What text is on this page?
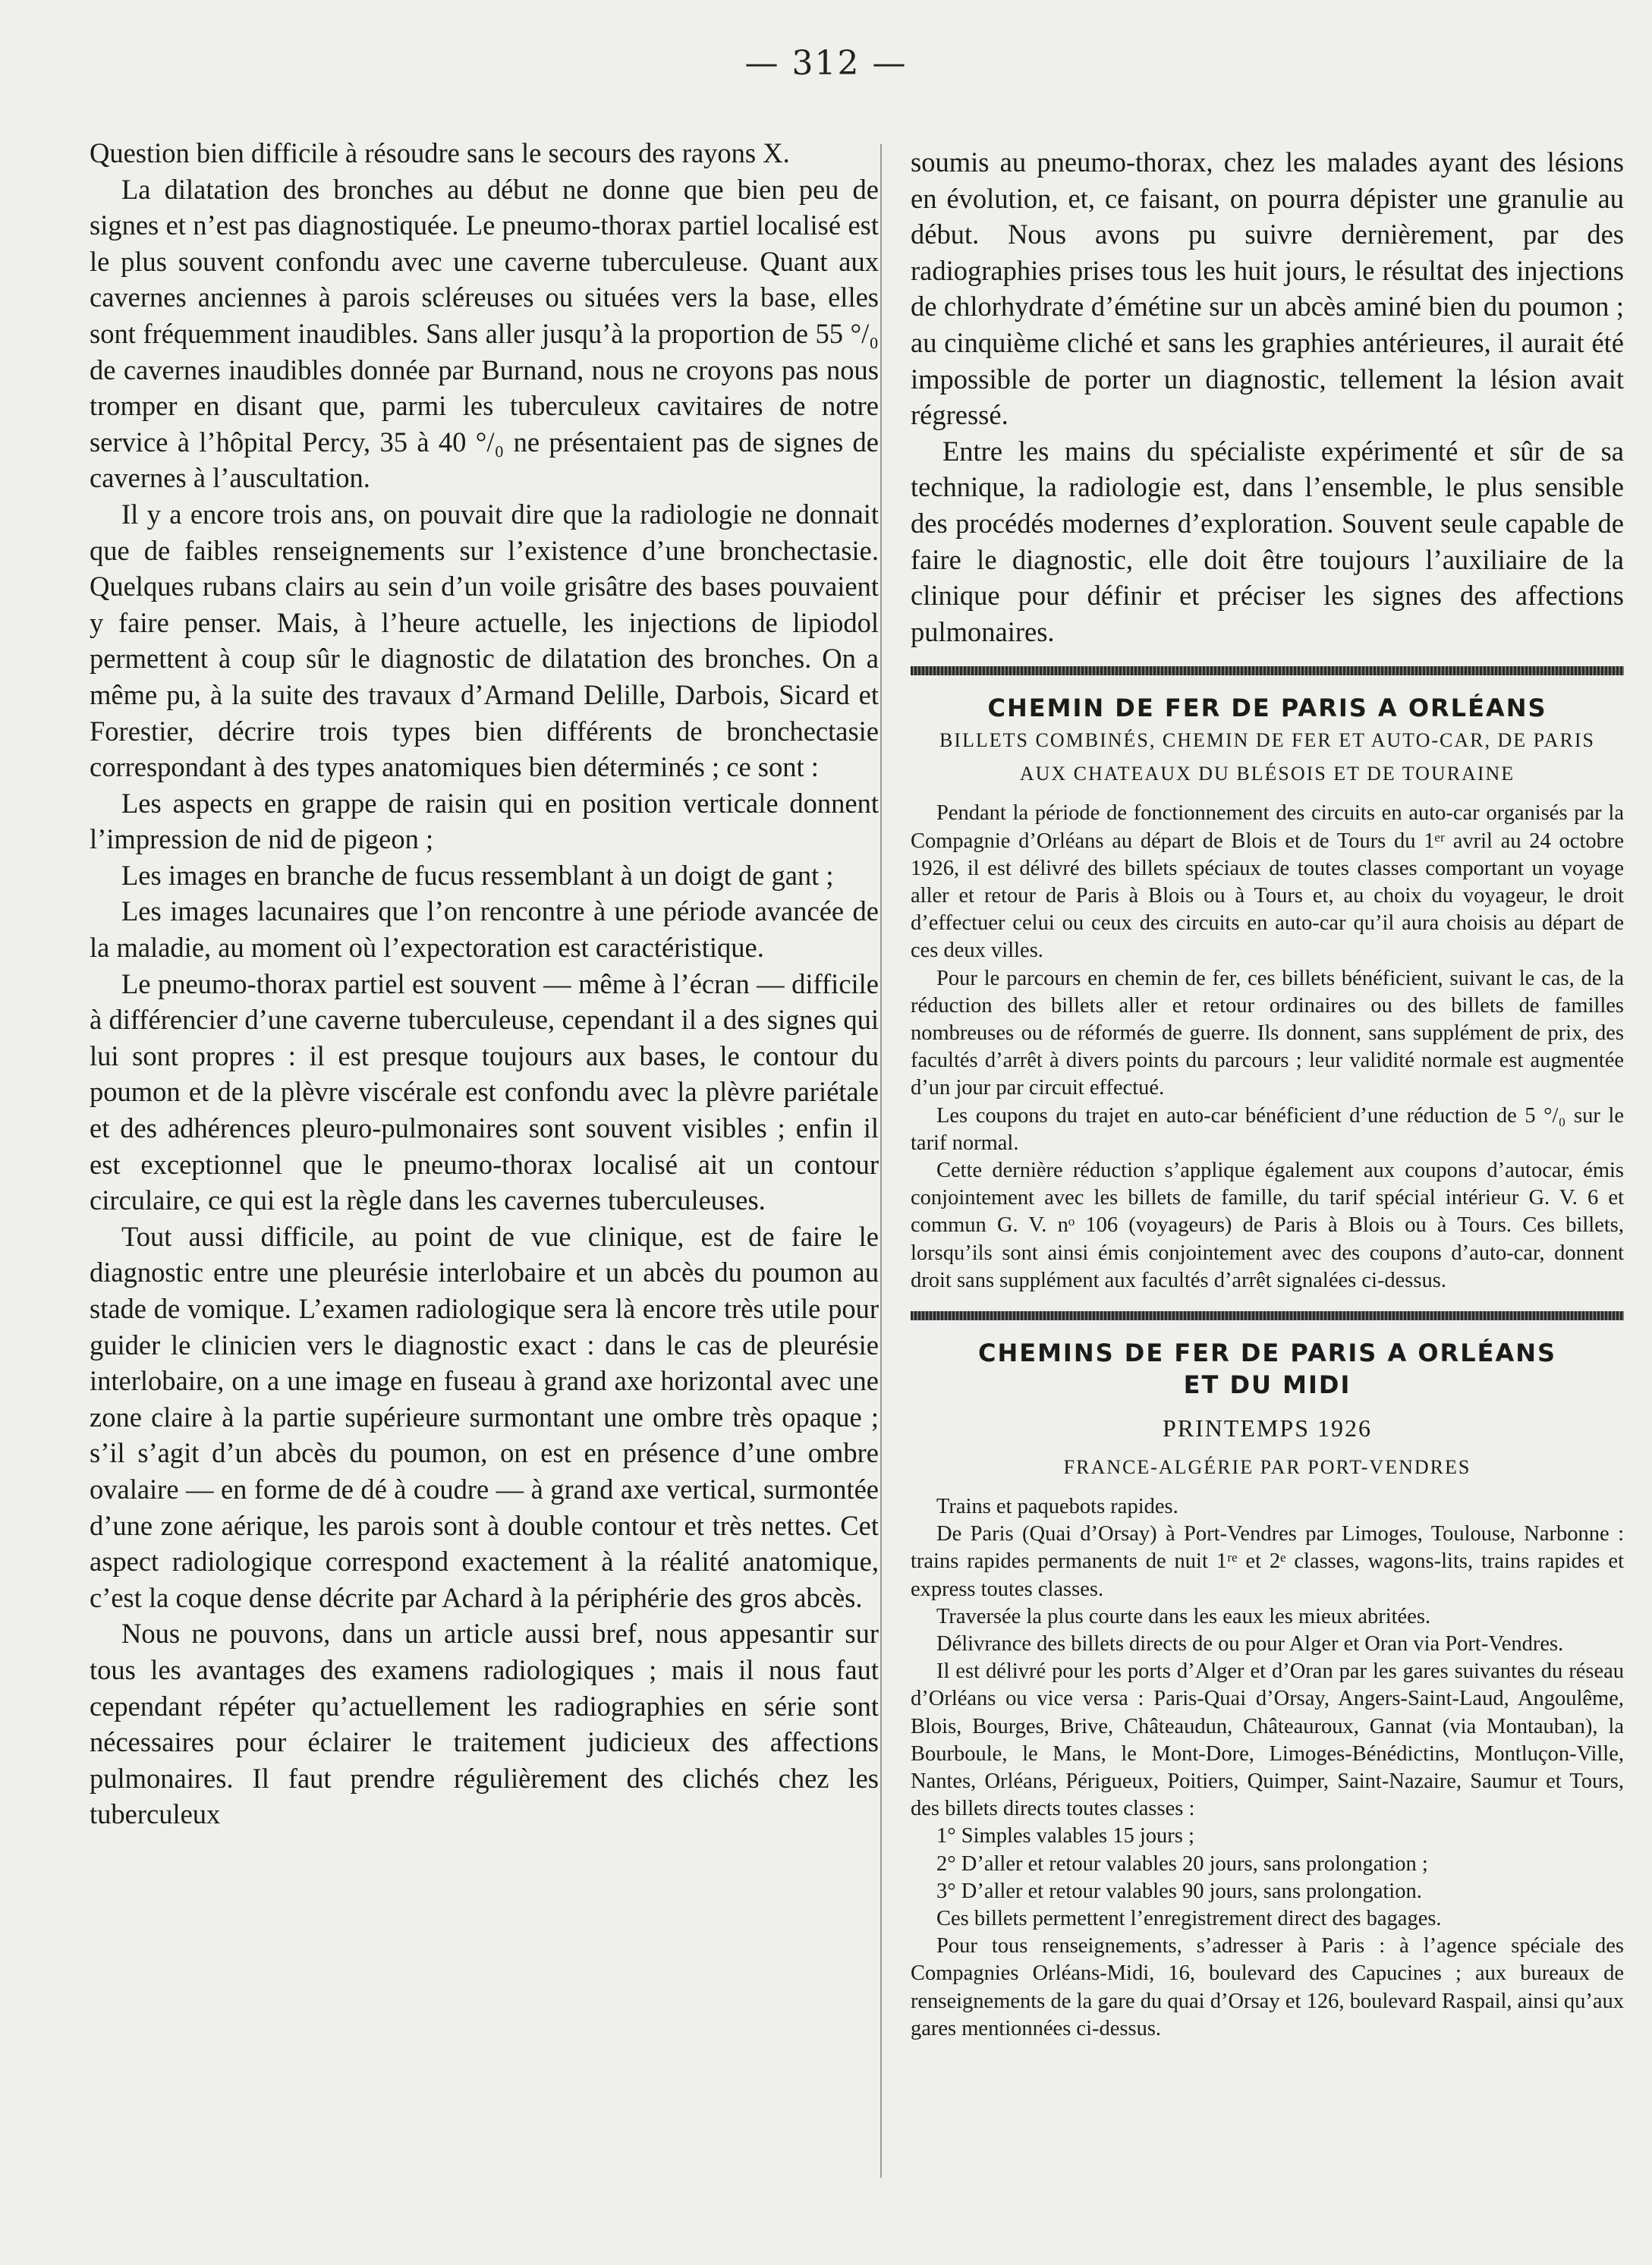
— 312 —

Question bien difficile à résoudre sans le secours des rayons X.

La dilatation des bronches au début ne donne que bien peu de signes et n’est pas diagnostiquée. Le pneumo-thorax partiel localisé est le plus souvent confondu avec une caverne tuberculeuse. Quant aux cavernes anciennes à parois scléreuses ou situées vers la base, elles sont fréquemment inaudibles. Sans aller jusqu’à la proportion de 55 °/₀ de cavernes inaudibles donnée par Burnand, nous ne croyons pas nous tromper en disant que, parmi les tuberculeux cavitaires de notre service à l’hôpital Percy, 35 à 40 °/₀ ne présentaient pas de signes de cavernes à l’auscultation.

Il y a encore trois ans, on pouvait dire que la radiologie ne donnait que de faibles renseignements sur l’existence d’une bronchectasie. Quelques rubans clairs au sein d’un voile grisâtre des bases pouvaient y faire penser. Mais, à l’heure actuelle, les injections de lipiodol permettent à coup sûr le diagnostic de dilatation des bronches. On a même pu, à la suite des travaux d’Armand Delille, Darbois, Sicard et Forestier, décrire trois types bien différents de bronchectasie correspondant à des types anatomiques bien déterminés ; ce sont :

Les aspects en grappe de raisin qui en position verticale donnent l’impression de nid de pigeon ;

Les images en branche de fucus ressemblant à un doigt de gant ;

Les images lacunaires que l’on rencontre à une période avancée de la maladie, au moment où l’expectoration est caractéristique.

Le pneumo-thorax partiel est souvent — même à l’écran — difficile à différencier d’une caverne tuberculeuse, cependant il a des signes qui lui sont propres : il est presque toujours aux bases, le contour du poumon et de la plèvre viscérale est confondu avec la plèvre pariétale et des adhérences pleuro-pulmonaires sont souvent visibles ; enfin il est exceptionnel que le pneumo-thorax localisé ait un contour circulaire, ce qui est la règle dans les cavernes tuberculeuses.

Tout aussi difficile, au point de vue clinique, est de faire le diagnostic entre une pleurésie interlobaire et un abcès du poumon au stade de vomique. L’examen radiologique sera là encore très utile pour guider le clinicien vers le diagnostic exact : dans le cas de pleurésie interlobaire, on a une image en fuseau à grand axe horizontal avec une zone claire à la partie supérieure surmontant une ombre très opaque ; s’il s’agit d’un abcès du poumon, on est en présence d’une ombre ovalaire — en forme de dé à coudre — à grand axe vertical, surmontée d’une zone aérique, les parois sont à double contour et très nettes. Cet aspect radiologique correspond exactement à la réalité anatomique, c’est la coque dense décrite par Achard à la périphérie des gros abcès.

Nous ne pouvons, dans un article aussi bref, nous appesantir sur tous les avantages des examens radiologiques ; mais il nous faut cependant répéter qu’actuellement les radiographies en série sont nécessaires pour éclairer le traitement judicieux des affections pulmonaires. Il faut prendre régulièrement des clichés chez les tuberculeux

soumis au pneumo-thorax, chez les malades ayant des lésions en évolution, et, ce faisant, on pourra dépister une granulie au début. Nous avons pu suivre dernièrement, par des radiographies prises tous les huit jours, le résultat des injections de chlorhydrate d’émétine sur un abcès aminé bien du poumon ; au cinquième cliché et sans les graphies antérieures, il aurait été impossible de porter un diagnostic, tellement la lésion avait régressé.

Entre les mains du spécialiste expérimenté et sûr de sa technique, la radiologie est, dans l’ensemble, le plus sensible des procédés modernes d’exploration. Souvent seule capable de faire le diagnostic, elle doit être toujours l’auxiliaire de la clinique pour définir et préciser les signes des affections pulmonaires.

CHEMIN DE FER DE PARIS A ORLÉANS

BILLETS COMBINÉS, CHEMIN DE FER ET AUTO-CAR, DE PARIS

AUX CHATEAUX DU BLÉSOIS ET DE TOURAINE

Pendant la période de fonctionnement des circuits en auto-car organisés par la Compagnie d’Orléans au départ de Blois et de Tours du 1ᵉʳ avril au 24 octobre 1926, il est délivré des billets spéciaux de toutes classes comportant un voyage aller et retour de Paris à Blois ou à Tours et, au choix du voyageur, le droit d’effectuer celui ou ceux des circuits en auto-car qu’il aura choisis au départ de ces deux villes.

Pour le parcours en chemin de fer, ces billets bénéficient, suivant le cas, de la réduction des billets aller et retour ordinaires ou des billets de familles nombreuses ou de réformés de guerre. Ils donnent, sans supplément de prix, des facultés d’arrêt à divers points du parcours ; leur validité normale est augmentée d’un jour par circuit effectué.

Les coupons du trajet en auto-car bénéficient d’une réduction de 5 °/₀ sur le tarif normal.

Cette dernière réduction s’applique également aux coupons d’autocar, émis conjointement avec les billets de famille, du tarif spécial intérieur G. V. 6 et commun G. V. nᵒ 106 (voyageurs) de Paris à Blois ou à Tours. Ces billets, lorsqu’ils sont ainsi émis conjointement avec des coupons d’auto-car, donnent droit sans supplément aux facultés d’arrêt signalées ci-dessus.

CHEMINS DE FER DE PARIS A ORLÉANS

ET DU MIDI

PRINTEMPS 1926

FRANCE-ALGÉRIE PAR PORT-VENDRES

Trains et paquebots rapides.

De Paris (Quai d’Orsay) à Port-Vendres par Limoges, Toulouse, Narbonne : trains rapides permanents de nuit 1ʳᵉ et 2ᵉ classes, wagons-lits, trains rapides et express toutes classes.

Traversée la plus courte dans les eaux les mieux abritées.

Délivrance des billets directs de ou pour Alger et Oran via Port-Vendres.

Il est délivré pour les ports d’Alger et d’Oran par les gares suivantes du réseau d’Orléans ou vice versa : Paris-Quai d’Orsay, Angers-Saint-Laud, Angoulême, Blois, Bourges, Brive, Châteaudun, Châteauroux, Gannat (via Montauban), la Bourboule, le Mans, le Mont-Dore, Limoges-Bénédictins, Montluçon-Ville, Nantes, Orléans, Périgueux, Poitiers, Quimper, Saint-Nazaire, Saumur et Tours, des billets directs toutes classes :

1° Simples valables 15 jours ;

2° D’aller et retour valables 20 jours, sans prolongation ;

3° D’aller et retour valables 90 jours, sans prolongation.

Ces billets permettent l’enregistrement direct des bagages.

Pour tous renseignements, s’adresser à Paris : à l’agence spéciale des Compagnies Orléans-Midi, 16, boulevard des Capucines ; aux bureaux de renseignements de la gare du quai d’Orsay et 126, boulevard Raspail, ainsi qu’aux gares mentionnées ci-dessus.
